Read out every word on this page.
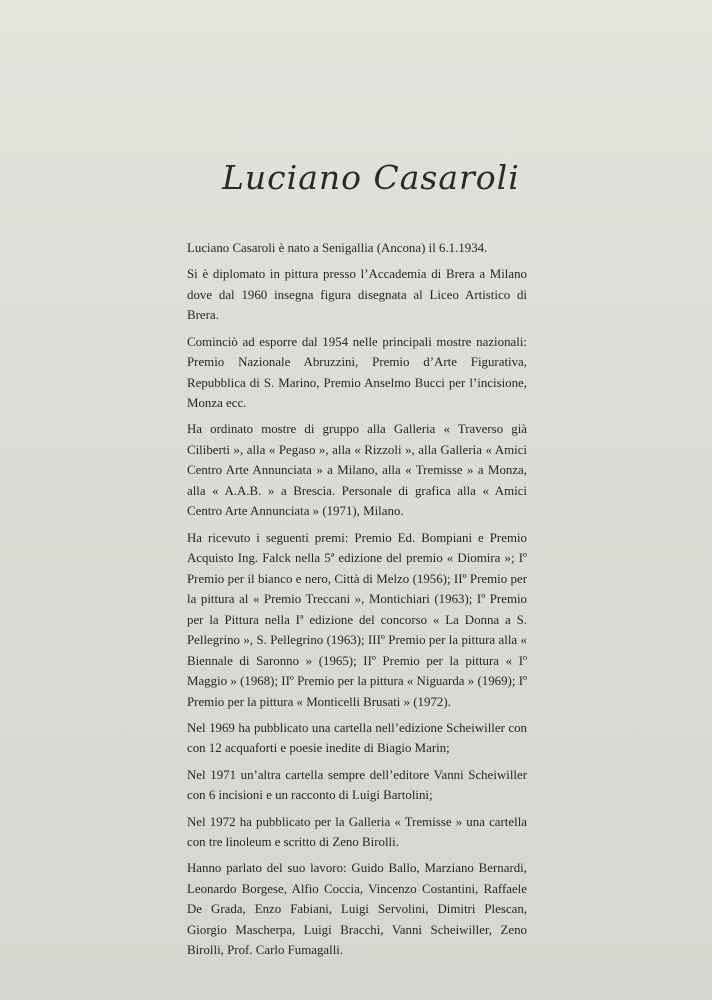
Luciano Casaroli

Luciano Casaroli è nato a Senigallia (Ancona) il 6.1.1934.

Si è diplomato in pittura presso l’Accademia di Brera a Milano dove dal 1960 insegna figura disegnata al Liceo Artistico di Brera.

Cominciò ad esporre dal 1954 nelle principali mostre nazionali: Premio Nazionale Abruzzini, Premio d’Arte Figurativa, Repubblica di S. Marino, Premio Anselmo Bucci per l’incisione, Monza ecc.

Ha ordinato mostre di gruppo alla Galleria « Traverso già Ciliberti », alla « Pegaso », alla « Rizzoli », alla Galleria « Amici Centro Arte Annunciata » a Milano, alla « Tremisse » a Monza, alla « A.A.B. » a Brescia. Personale di grafica alla « Amici Centro Arte Annunciata » (1971), Milano.

Ha ricevuto i seguenti premi: Premio Ed. Bompiani e Premio Acquisto Ing. Falck nella 5ª edizione del premio « Diomira »; Iº Premio per il bianco e nero, Città di Melzo (1956); IIº Premio per la pittura al « Premio Treccani », Montichiari (1963); Iº Premio per la Pittura nella Iª edizione del concorso « La Donna a S. Pellegrino », S. Pellegrino (1963); IIIº Premio per la pittura alla « Biennale di Saronno » (1965); IIº Premio per la pittura « Iº Maggio » (1968); IIº Premio per la pittura « Niguarda » (1969); Iº Premio per la pittura « Monticelli Brusati » (1972).

Nel 1969 ha pubblicato una cartella nell’edizione Scheiwiller con con 12 acquaforti e poesie inedite di Biagio Marin;

Nel 1971 un’altra cartella sempre dell’editore Vanni Scheiwiller con 6 incisioni e un racconto di Luigi Bartolini;

Nel 1972 ha pubblicato per la Galleria « Tremisse » una cartella con tre linoleum e scritto di Zeno Birolli.

Hanno parlato del suo lavoro: Guido Ballo, Marziano Bernardi, Leonardo Borgese, Alfio Coccia, Vincenzo Costantini, Raffaele De Grada, Enzo Fabiani, Luigi Servolini, Dimitri Plescan, Giorgio Mascherpa, Luigi Bracchi, Vanni Scheiwiller, Zeno Birolli, Prof. Carlo Fumagalli.
